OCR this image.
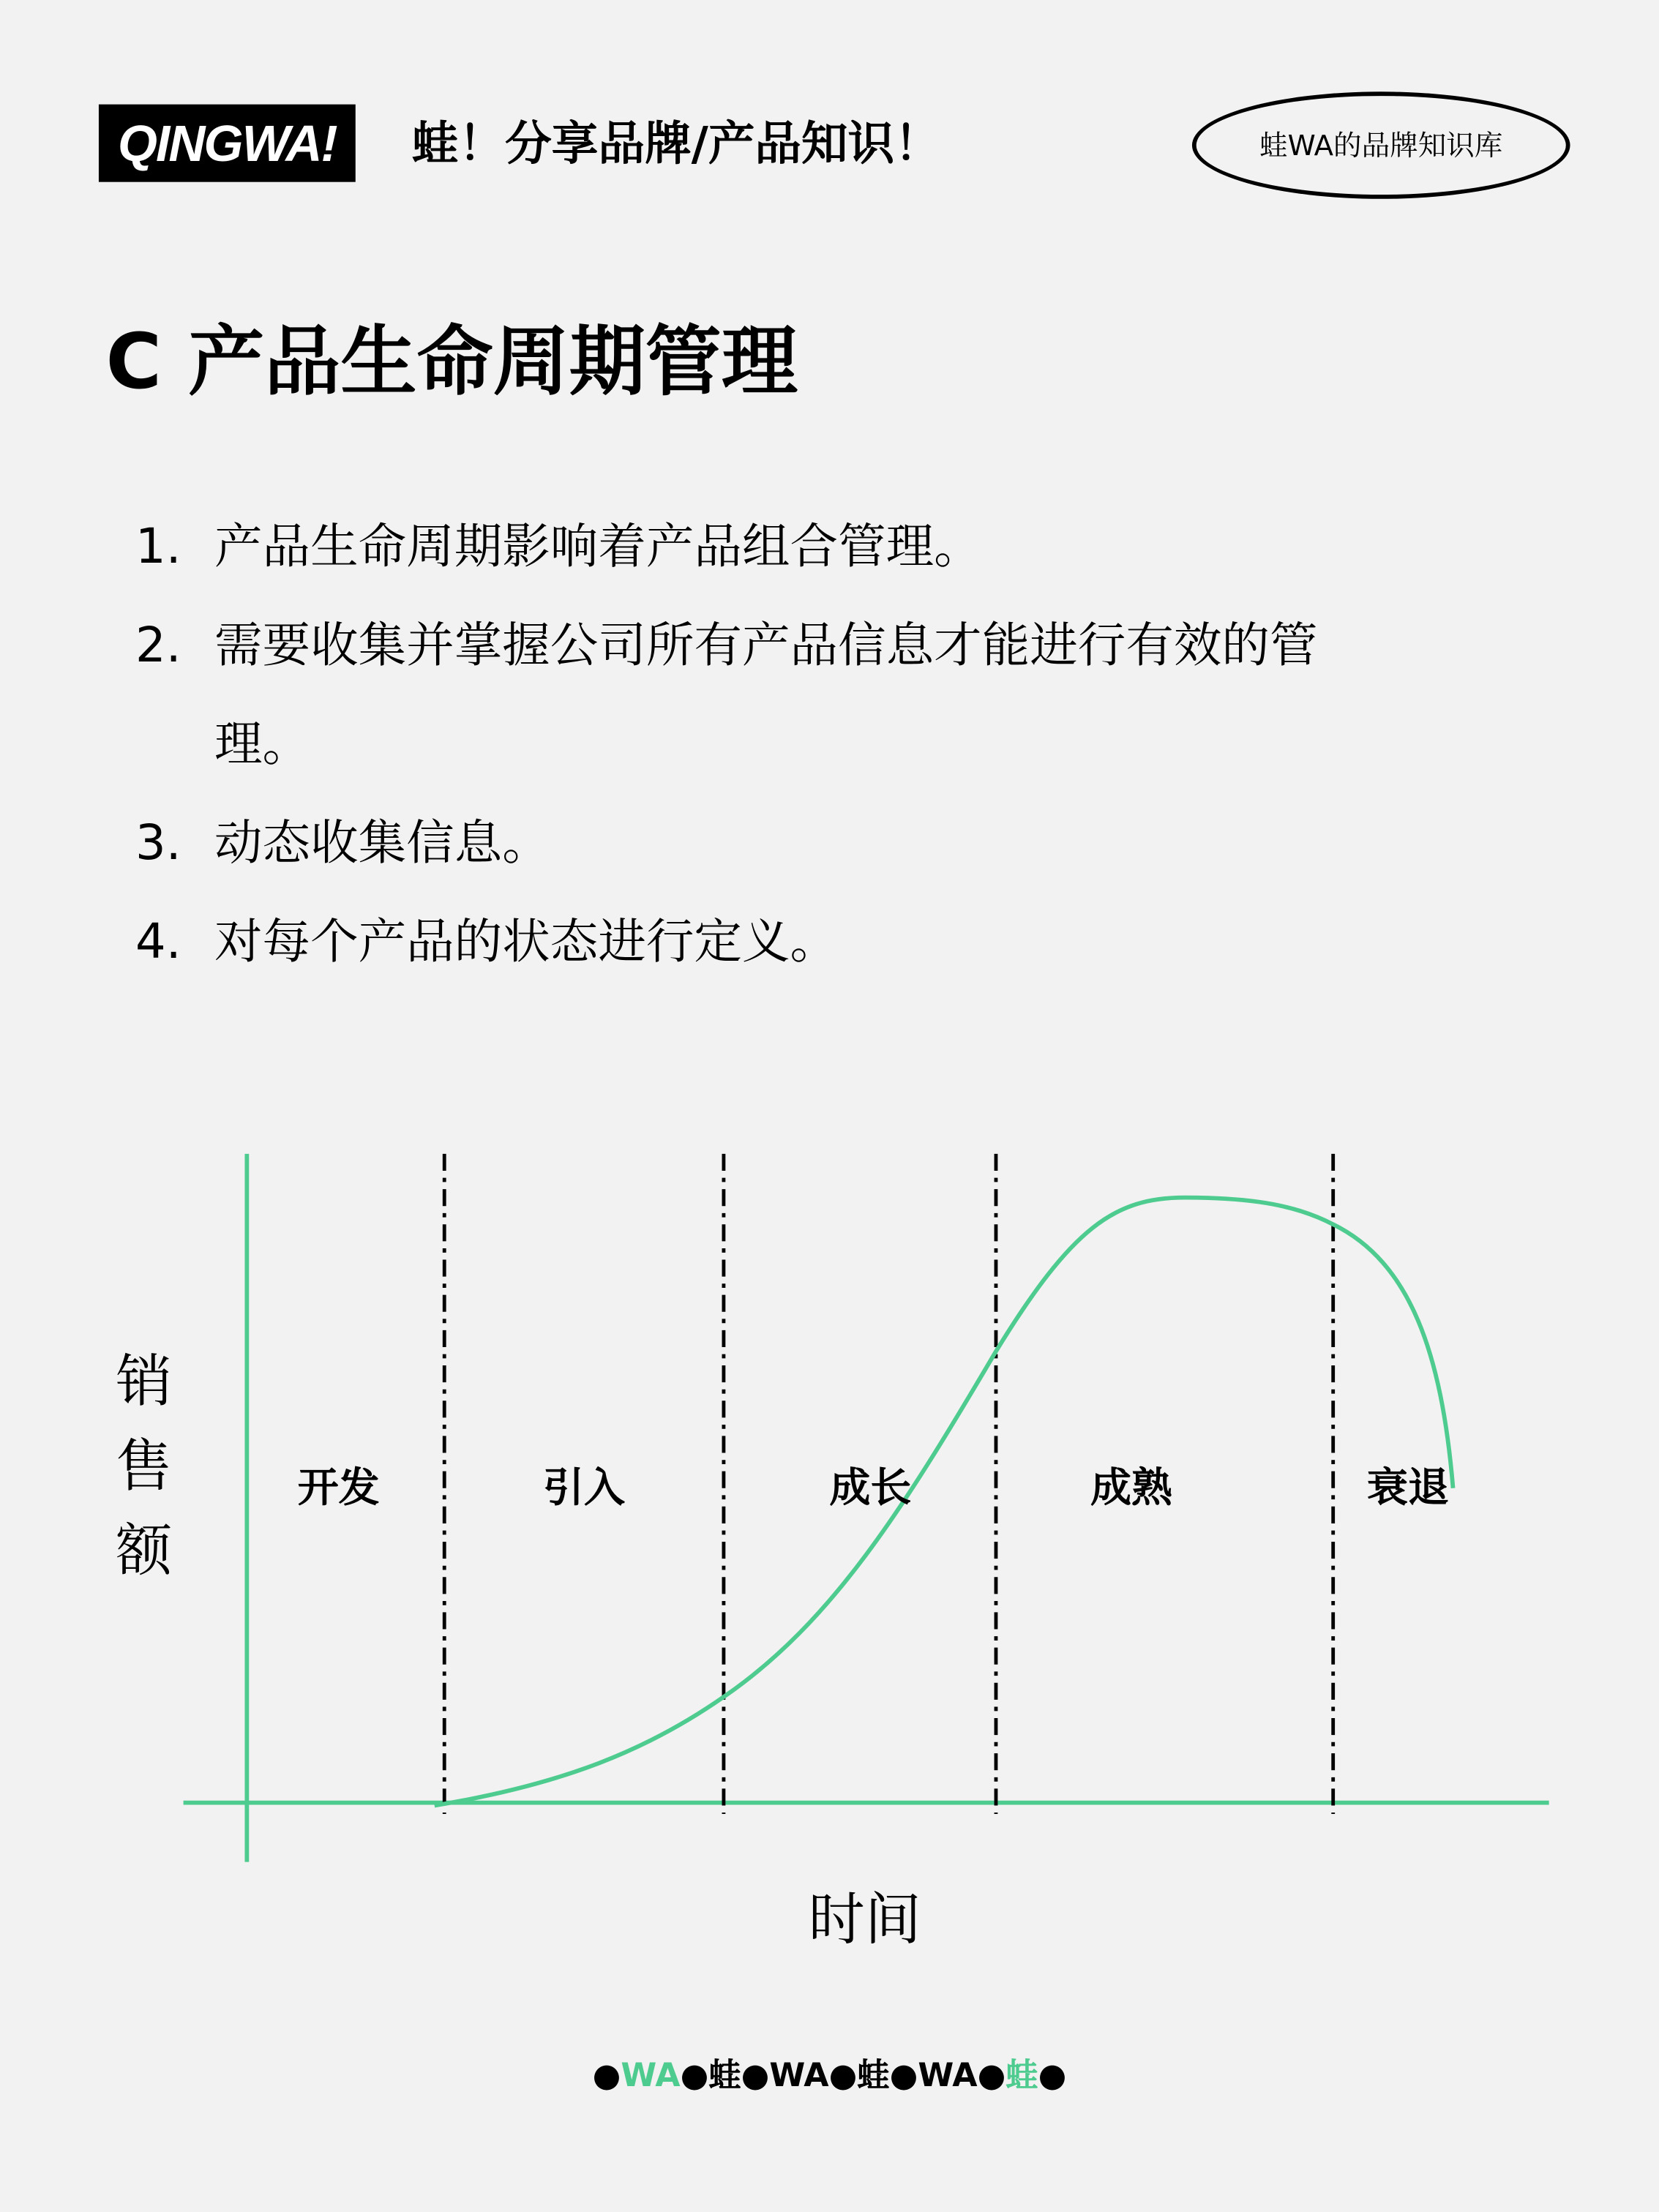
QINGWA!	蛙！分享品牌/产品知识！	蛙WA的品牌知识库
C 产品生命周期管理
1. 产品生命周期影响着产品组合管理。
2. 需要收集并掌握公司所有产品信息才能进行有效的管
理。
3. 动态收集信息。
4. 对每个产品的状态进行定义。
开发	引入	成长	成熟	衰退
销售额
时间
●WA●蛙●WA●蛙●WA●蛙●
